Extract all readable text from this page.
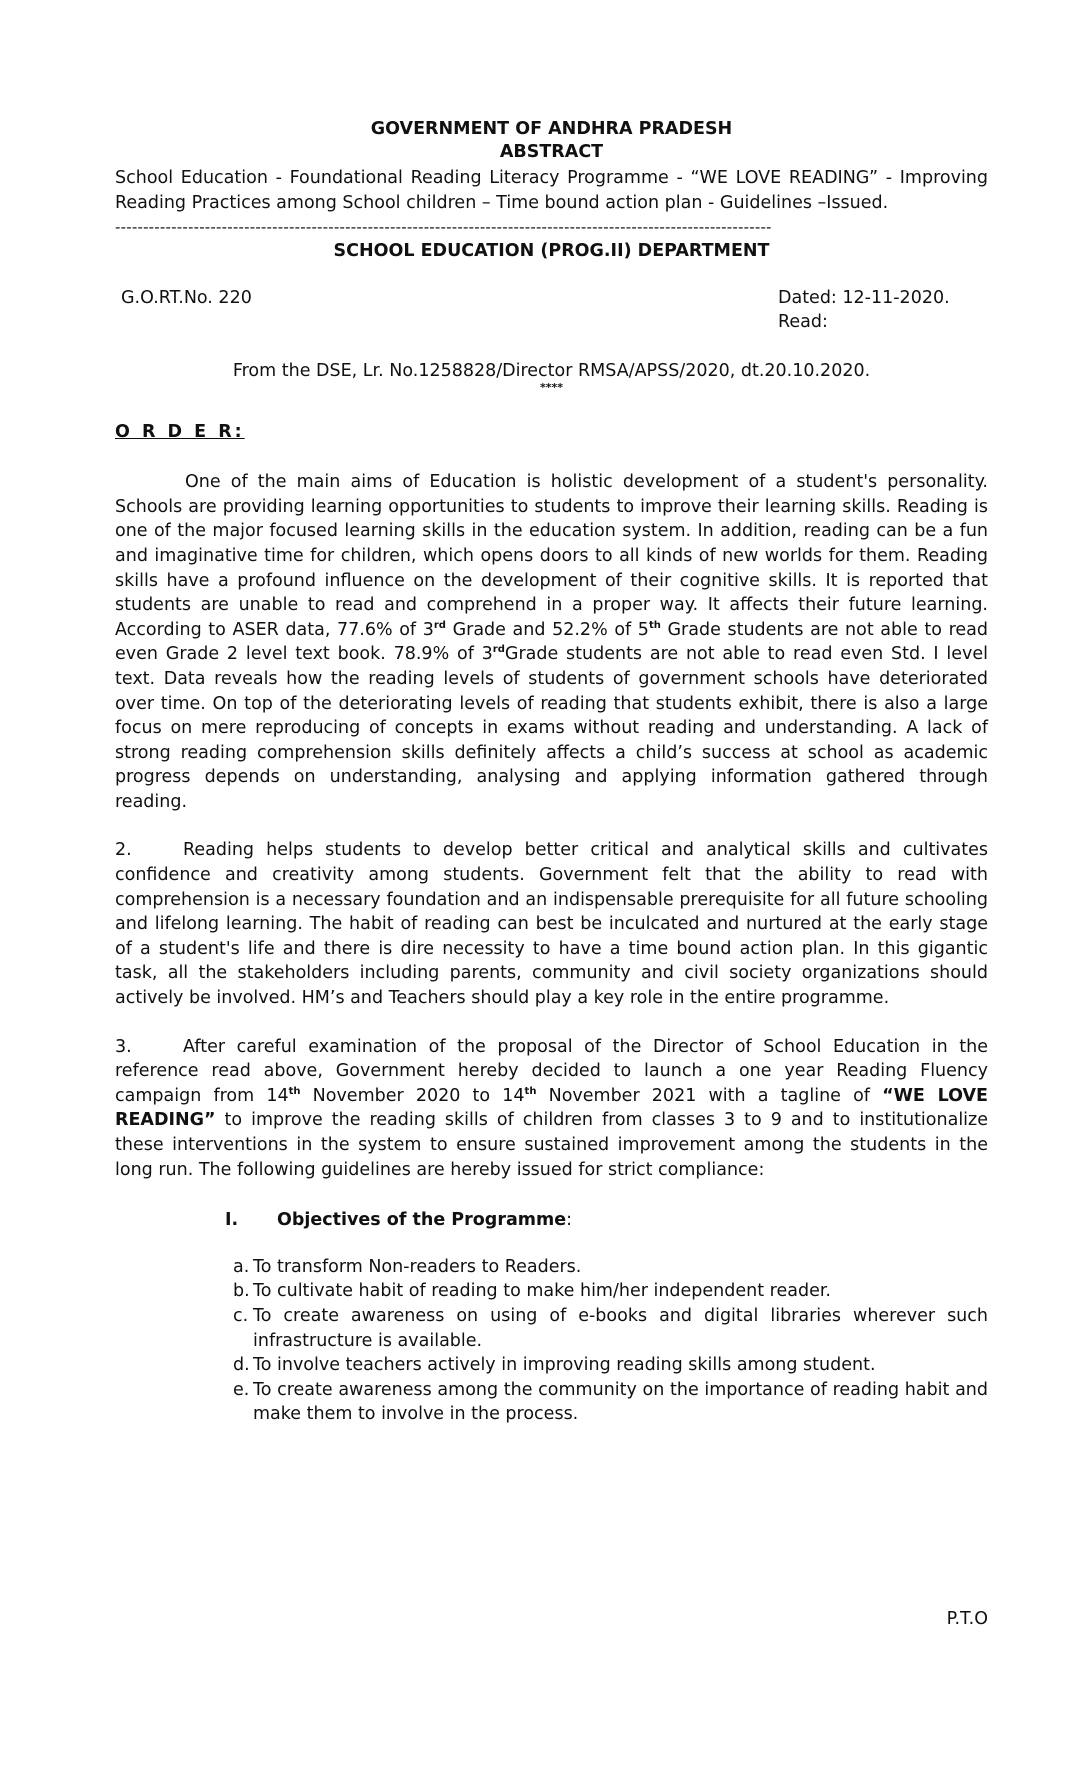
GOVERNMENT OF ANDHRA PRADESH
ABSTRACT

School Education - Foundational Reading Literacy Programme - “WE LOVE READING” - Improving Reading Practices among School children – Time bound action plan - Guidelines –Issued.

---------------------------------------------------------------------------------------------------------------------
SCHOOL EDUCATION (PROG.II) DEPARTMENT
G.O.RT.No. 220	Dated: 12-11-2020.
Read:
From the DSE, Lr. No.1258828/Director RMSA/APSS/2020, dt.20.10.2020.
****
O R D E R:

One of the main aims of Education is holistic development of a student's personality. Schools are providing learning opportunities to students to improve their learning skills. Reading is one of the major focused learning skills in the education system. In addition, reading can be a fun and imaginative time for children, which opens doors to all kinds of new worlds for them. Reading skills have a profound influence on the development of their cognitive skills. It is reported that students are unable to read and comprehend in a proper way. It affects their future learning. According to ASER data, 77.6% of 3rd Grade and 52.2% of 5th Grade students are not able to read even Grade 2 level text book. 78.9% of 3rdGrade students are not able to read even Std. I level text. Data reveals how the reading levels of students of government schools have deteriorated over time. On top of the deteriorating levels of reading that students exhibit, there is also a large focus on mere reproducing of concepts in exams without reading and understanding. A lack of strong reading comprehension skills definitely affects a child’s success at school as academic progress depends on understanding, analysing and applying information gathered through reading.

2.	Reading helps students to develop better critical and analytical skills and cultivates confidence and creativity among students. Government felt that the ability to read with comprehension is a necessary foundation and an indispensable prerequisite for all future schooling and lifelong learning. The habit of reading can best be inculcated and nurtured at the early stage of a student's life and there is dire necessity to have a time bound action plan. In this gigantic task, all the stakeholders including parents, community and civil society organizations should actively be involved. HM’s and Teachers should play a key role in the entire programme.

3.	After careful examination of the proposal of the Director of School Education in the reference read above, Government hereby decided to launch a one year Reading Fluency campaign from 14th November 2020 to 14th November 2021 with a tagline of “WE LOVE READING” to improve the reading skills of children from classes 3 to 9 and to institutionalize these interventions in the system to ensure sustained improvement among the students in the long run. The following guidelines are hereby issued for strict compliance:

I.	Objectives of the Programme:
a. To transform Non-readers to Readers.
b. To cultivate habit of reading to make him/her independent reader.
c. To create awareness on using of e-books and digital libraries wherever such infrastructure is available.
d. To involve teachers actively in improving reading skills among student.
e. To create awareness among the community on the importance of reading habit and make them to involve in the process.
P.T.O
